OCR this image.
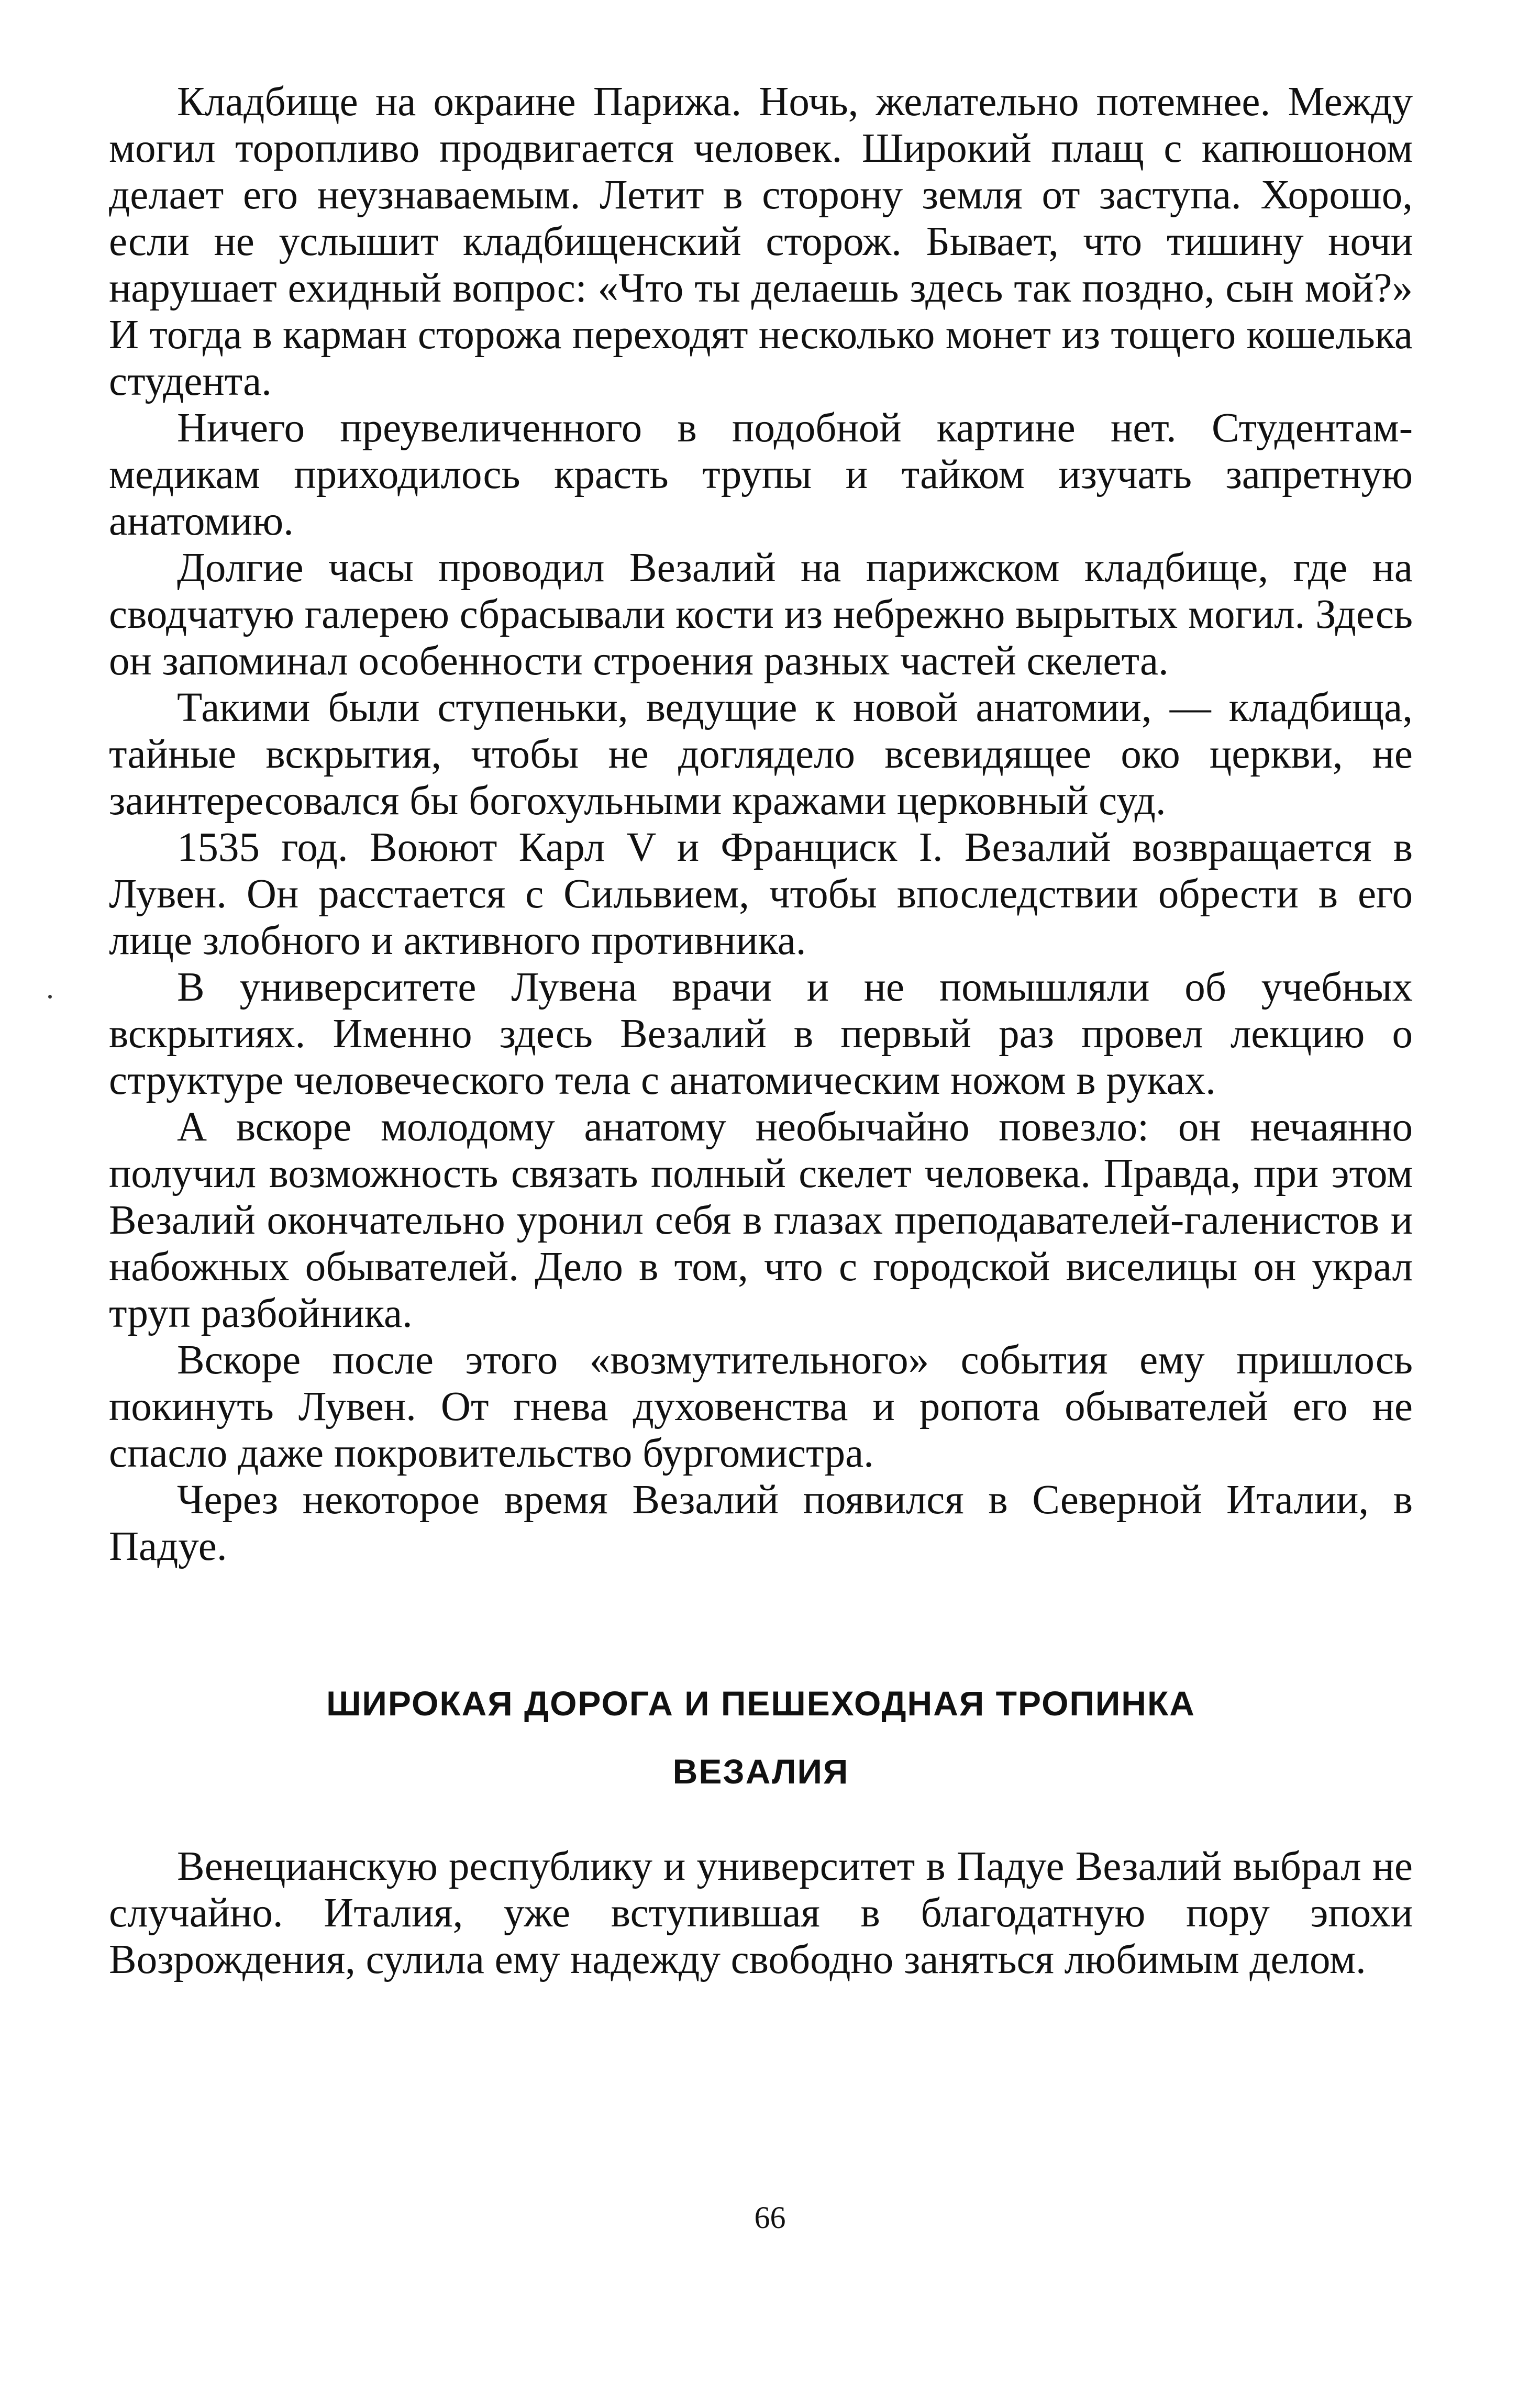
Кладбище на окраине Парижа. Ночь, желательно потемнее. Между могил торопливо продвигается человек. Широкий плащ с капюшоном делает его неузнаваемым. Летит в сторону земля от заступа. Хорошо, если не услышит кладбищенский сторож. Бывает, что тишину ночи нарушает ехидный вопрос: «Что ты делаешь здесь так поздно, сын мой?» И тогда в карман сторожа переходят несколько монет из тощего кошелька студента.

Ничего преувеличенного в подобной картине нет. Студентам-медикам приходилось красть трупы и тайком изучать запретную анатомию.

Долгие часы проводил Везалий на парижском кладбище, где на сводчатую галерею сбрасывали кости из небрежно вырытых могил. Здесь он запоминал особенности строения разных частей скелета.

Такими были ступеньки, ведущие к новой анатомии, — кладбища, тайные вскрытия, чтобы не доглядело всевидящее око церкви, не заинтересовался бы богохульными кражами церковный суд.

1535 год. Воюют Карл V и Франциск I. Везалий возвращается в Лувен. Он расстается с Сильвием, чтобы впоследствии обрести в его лице злобного и активного противника.

В университете Лувена врачи и не помышляли об учебных вскрытиях. Именно здесь Везалий в первый раз провел лекцию о структуре человеческого тела с анатомическим ножом в руках.

А вскоре молодому анатому необычайно повезло: он нечаянно получил возможность связать полный скелет человека. Правда, при этом Везалий окончательно уронил себя в глазах преподавателей-галенистов и набожных обывателей. Дело в том, что с городской виселицы он украл труп разбойника.

Вскоре после этого «возмутительного» события ему пришлось покинуть Лувен. От гнева духовенства и ропота обывателей его не спасло даже покровительство бургомистра.

Через некоторое время Везалий появился в Северной Италии, в Падуе.

ШИРОКАЯ ДОРОГА И ПЕШЕХОДНАЯ ТРОПИНКА
ВЕЗАЛИЯ

Венецианскую республику и университет в Падуе Везалий выбрал не случайно. Италия, уже вступившая в благодатную пору эпохи Возрождения, сулила ему надежду свободно заняться любимым делом.

66
